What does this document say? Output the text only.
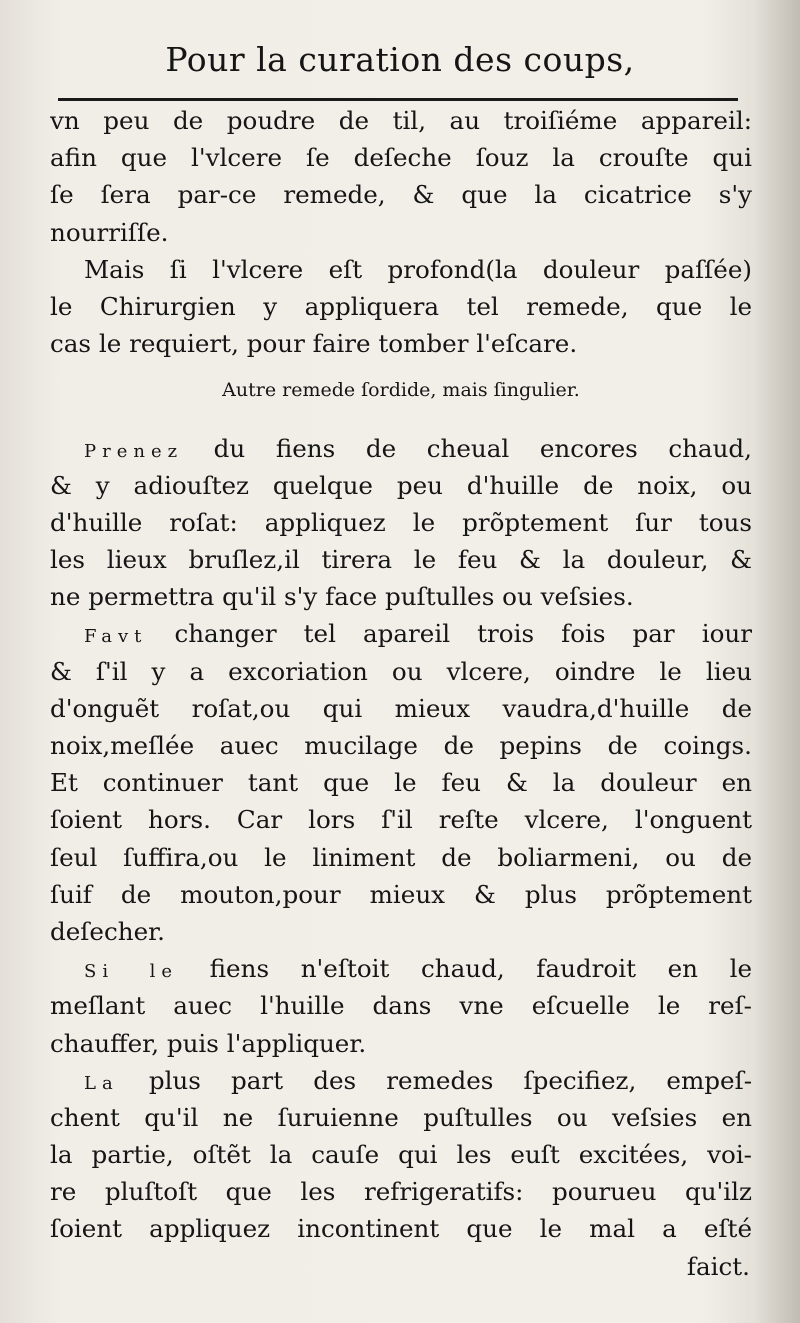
Pour la curation des coups,
vn peu de poudre de til, au troiſiéme appareil:
afin que l'vlcere ſe deſeche ſouz la crouſte qui
ſe ſera par-ce remede, & que la cicatrice s'y
nourriſſe.
Mais ſi l'vlcere eſt profond(la douleur paſſée)
le Chirurgien y appliquera tel remede, que le
cas le requiert, pour faire tomber l'eſcare.
Autre remede ſordide, mais ſingulier.
Prenez du fiens de cheual encores chaud,
& y adiouſtez quelque peu d'huille de noix, ou
d'huille roſat: appliquez le prõptement ſur tous
les lieux bruſlez,il tirera le feu & la douleur, &
ne permettra qu'il s'y face puſtulles ou veſsies.
Favt changer tel apareil trois fois par iour
& ſ'il y a excoriation ou vlcere, oindre le lieu
d'onguẽt roſat,ou qui mieux vaudra,d'huille de
noix,meſlée auec mucilage de pepins de coings.
Et continuer tant que le feu & la douleur en
ſoient hors. Car lors ſ'il reſte vlcere, l'onguent
ſeul ſuffira,ou le liniment de boliarmeni, ou de
ſuif de mouton,pour mieux & plus prõptement
deſecher.
Si le fiens n'eſtoit chaud, faudroit en le
meſlant auec l'huille dans vne eſcuelle le reſ-
chauffer, puis l'appliquer.
La plus part des remedes ſpecifiez, empeſ-
chent qu'il ne ſuruienne puſtulles ou veſsies en
la partie, oſtẽt la cauſe qui les euſt excitées, voi-
re pluſtoſt que les refrigeratifs: pourueu qu'ilz
ſoient appliquez incontinent que le mal a eſté
faict.
